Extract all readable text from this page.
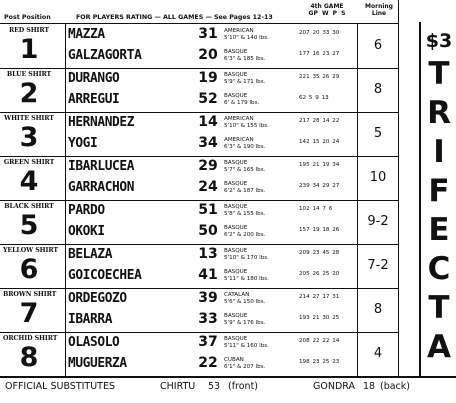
Post Position	FOR PLAYERS RATING — ALL GAMES — See Pages 12-13
4th GAME
GP W P S
Morning Line
RED SHIRT
1	MAZZA	31	AMERICAN
5'10" & 140 lbs.
207 20 33 30
GALZAGORTA	20	BASQUE
6'3" & 185 lbs.
177 16 23 27
6
BLUE SHIRT
2	DURANGO	19	BASQUE
5'9" & 171 lbs.
221 35 26 29
ARREGUI	52	BASQUE
6' & 179 lbs.
62 5 9 13
8
WHITE SHIRT
3	HERNANDEZ	14	AMERICAN
5'10" & 155 lbs.
217 28 14 22
YOGI	34	AMERICAN
6'3" & 190 lbs.
142 15 20 24
5
GREEN SHIRT
4	IBARLUCEA	29	BASQUE
5'7" & 165 lbs.
195 21 19 34
GARRACHON	24	BASQUE
6'2" & 187 lbs.
239 34 29 27
10
BLACK SHIRT
5	PARDO	51	BASQUE
5'8" & 155 lbs.
102 14 7 6
OKOKI	50	BASQUE
6'2" & 200 lbs.
157 19 18 26
9-2
YELLOW SHIRT
6	BELAZA	13	BASQUE
5'10" & 170 lbs.
209 23 45 28
GOICOECHEA	41	BASQUE
5'11" & 180 lbs.
205 26 25 20
7-2
BROWN SHIRT
7	ORDEGOZO	39	CATALAN
5'6" & 150 lbs.
214 27 17 31
IBARRA	33	BASQUE
5'9" & 176 lbs.
193 21 30 25
8
ORCHID SHIRT
8	OLASOLO	37	BASQUE
5'11" & 160 lbs.
208 22 22 14
MUGUERZA	22	CUBAN
6'1" & 207 lbs.
198 23 25 23
4
$3
T
R
I
F
E
C
T
A
OFFICIAL SUBSTITUTES	CHIRTU 53 (front)	GONDRA 18 (back)
